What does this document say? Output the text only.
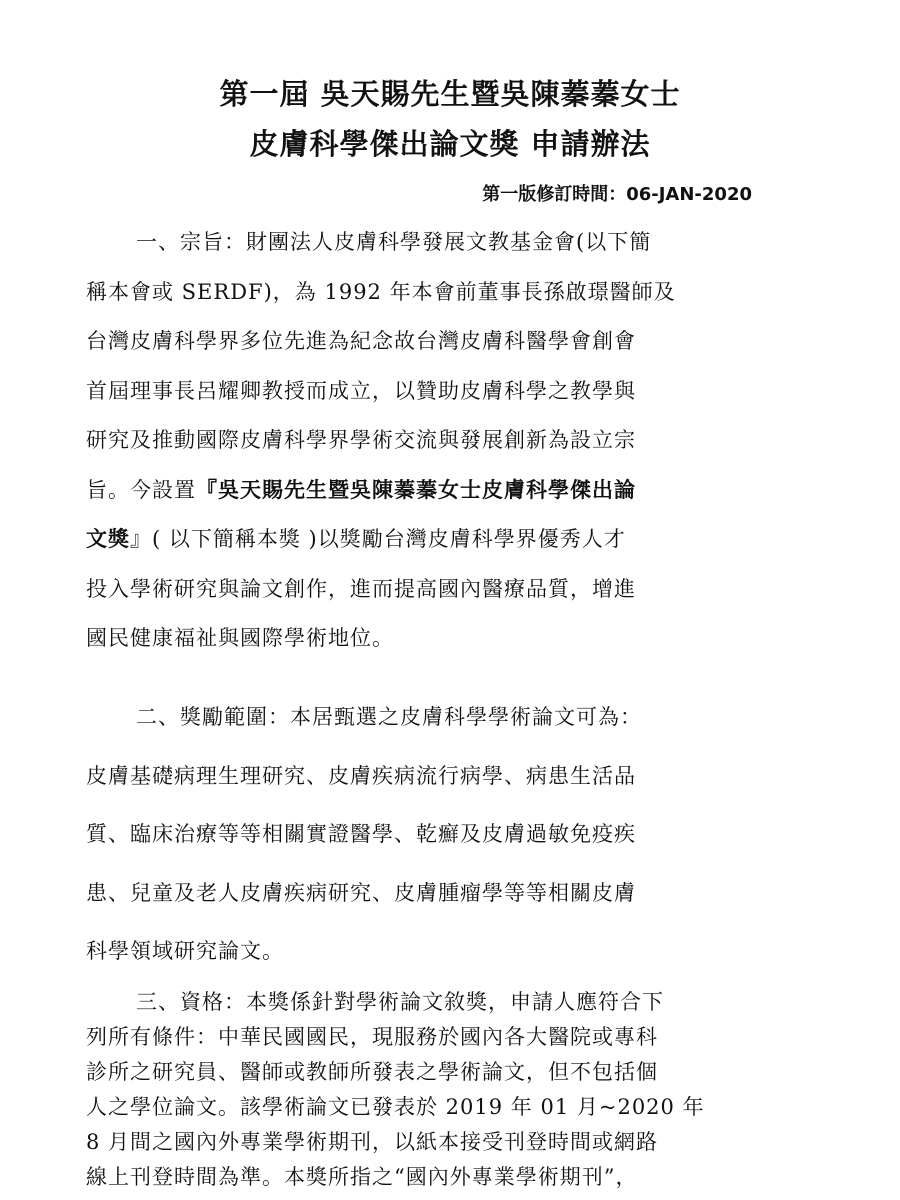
第一屆 吳天賜先生暨吳陳蓁蓁女士
皮膚科學傑出論文獎 申請辦法
第一版修訂時間：06-JAN-2020
一、宗旨：財團法人皮膚科學發展文教基金會(以下簡
稱本會或 SERDF)，為 1992 年本會前董事長孫啟璟醫師及
台灣皮膚科學界多位先進為紀念故台灣皮膚科醫學會創會
首屆理事長呂耀卿教授而成立，以贊助皮膚科學之教學與
研究及推動國際皮膚科學界學術交流與發展創新為設立宗
旨。今設置『吳天賜先生暨吳陳蓁蓁女士皮膚科學傑出論
文獎』( 以下簡稱本獎 )以獎勵台灣皮膚科學界優秀人才
投入學術研究與論文創作，進而提高國內醫療品質，增進
國民健康福祉與國際學術地位。
二、獎勵範圍：本居甄選之皮膚科學學術論文可為：
皮膚基礎病理生理研究、皮膚疾病流行病學、病患生活品
質、臨床治療等等相關實證醫學、乾癬及皮膚過敏免疫疾
患、兒童及老人皮膚疾病研究、皮膚腫瘤學等等相關皮膚
科學領域研究論文。
三、資格：本獎係針對學術論文敘獎，申請人應符合下
列所有條件：中華民國國民，現服務於國內各大醫院或專科
診所之研究員、醫師或教師所發表之學術論文，但不包括個
人之學位論文。該學術論文已發表於 2019 年 01 月~2020 年
8 月間之國內外專業學術期刊，以紙本接受刊登時間或網路
線上刊登時間為準。本獎所指之“國內外專業學術期刊”，
